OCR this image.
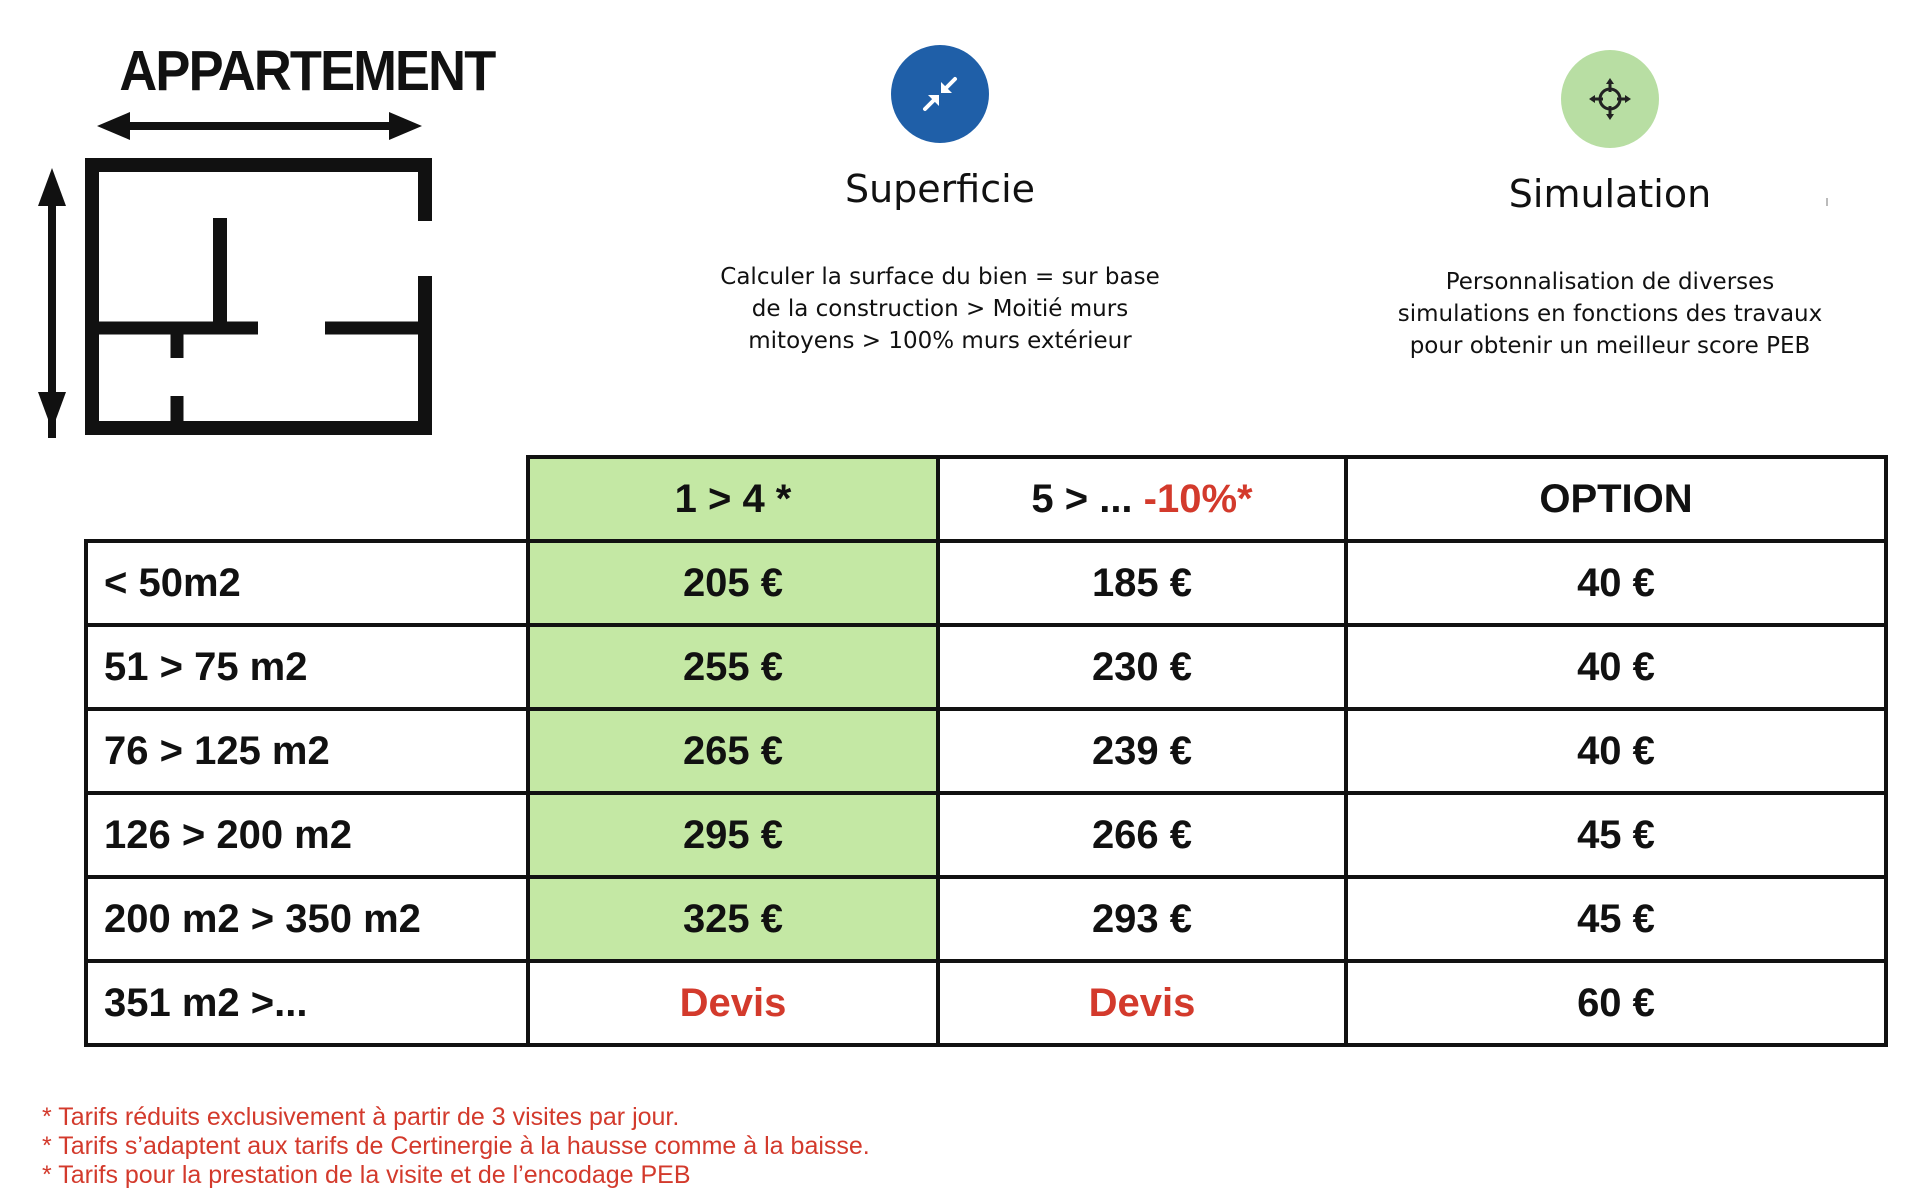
APPARTEMENT
Superficie
Calculer la surface du bien = sur base
de la construction > Moitié murs
mitoyens > 100% murs extérieur
Simulation
Personnalisation de diverses
simulations en fonctions des travaux
pour obtenir un meilleur score PEB
	1 > 4 *	5 > ... -10%*	OPTION
< 50m2	205 €	185 €	40 €
51 > 75 m2	255 €	230 €	40 €
76 > 125 m2	265 €	239 €	40 €
126 > 200 m2	295 €	266 €	45 €
200 m2 > 350 m2	325 €	293 €	45 €
351 m2 >...	Devis	Devis	60 €
* Tarifs réduits exclusivement à partir de 3 visites par jour.
* Tarifs s’adaptent aux tarifs de Certinergie à la hausse comme à la baisse.
* Tarifs pour la prestation de la visite et de l’encodage PEB
